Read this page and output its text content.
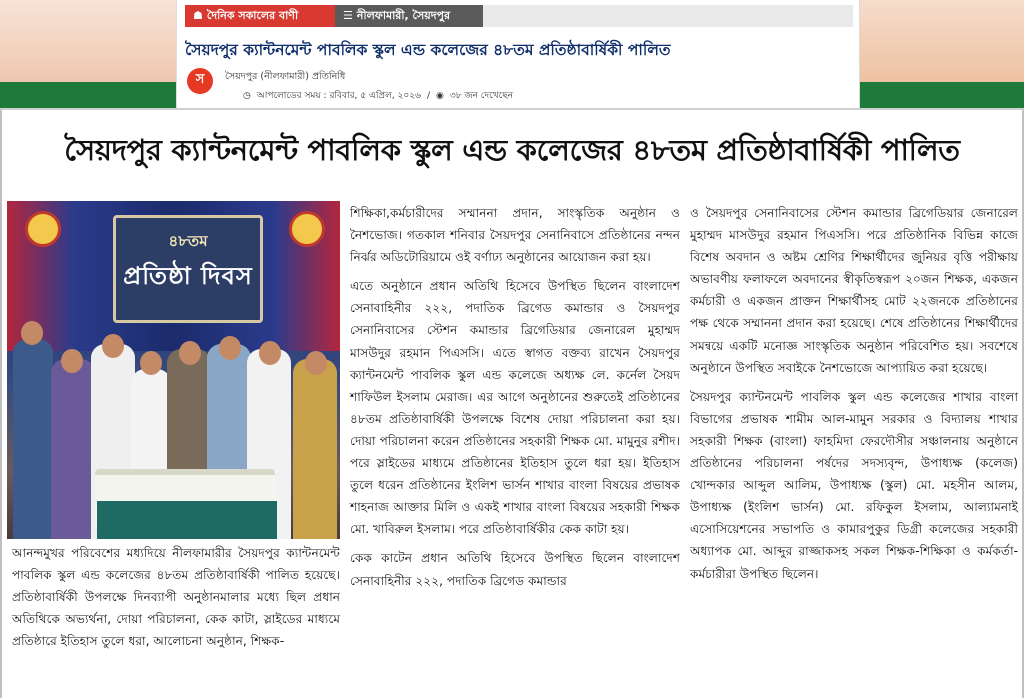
☗ দৈনিক সকালের বাণী	☰ নীলফামারী, সৈয়দপুর
সৈয়দপুর ক্যান্টনমেন্ট পাবলিক স্কুল এন্ড কলেজের ৪৮তম প্রতিষ্ঠাবার্ষিকী পালিত
স	সৈয়দপুর (নীলফামারী) প্রতিনিধি
◷ আপলোডের সময় : রবিবার, ৫ এপ্রিল, ২০২৬ / ◉ ৩৮ জন দেখেছেন
সৈয়দপুর ক্যান্টনমেন্ট পাবলিক স্কুল এন্ড কলেজের ৪৮তম প্রতিষ্ঠাবার্ষিকী পালিত
৪৮তম
প্রতিষ্ঠা দিবস
আনন্দমুখর পরিবেশের মধ্যদিয়ে নীলফামারীর সৈয়দপুর ক্যান্টনমেন্ট পাবলিক স্কুল এন্ড কলেজের ৪৮তম প্রতিষ্ঠাবার্ষিকী পালিত হয়েছে। প্রতিষ্ঠাবার্ষিকী উপলক্ষে দিনব্যাপী অনুষ্ঠানমালার মধ্যে ছিল প্রধান অতিথিকে অভ্যর্থনা, দোয়া পরিচালনা, কেক কাটা, স্লাইডের মাধ্যমে প্রতিষ্ঠারে ইতিহাস তুলে ধরা, আলোচনা অনুষ্ঠান, শিক্ষক-

শিক্ষিকা,কর্মচারীদের সম্মাননা প্রদান, সাংস্কৃতিক অনুষ্ঠান ও নৈশভোজ। গতকাল শনিবার সৈয়দপুর সেনানিবাসে প্রতিষ্ঠানের নন্দন নির্ঝর অডিটোরিয়ামে ওই বর্ণাঢ্য অনুষ্ঠানের আয়োজন করা হয়।

এতে অনুষ্ঠানে প্রধান অতিথি হিসেবে উপস্থিত ছিলেন বাংলাদেশ সেনাবাহিনীর ২২২, পদাতিক ব্রিগেড কমান্ডার ও সৈয়দপুর সেনানিবাসের স্টেশন কমান্ডার ব্রিগেডিয়ার জেনারেল মুহাম্মদ মাসউদুর রহমান পিএসসি। এতে স্বাগত বক্তব্য রাখেন সৈয়দপুর ক্যান্টনমেন্ট পাবলিক স্কুল এন্ড কলেজে অধ্যক্ষ লে. কর্নেল সৈয়দ শাফিউল ইসলাম মেরাজ। এর আগে অনুষ্ঠানের শুরুতেই প্রতিষ্ঠানের ৪৮তম প্রতিষ্ঠাবার্ষিকী উপলক্ষে বিশেষ দোয়া পরিচালনা করা হয়। দোয়া পরিচালনা করেন প্রতিষ্ঠানের সহকারী শিক্ষক মো. মামুনুর রশীদ। পরে স্লাইডের মাধ্যমে প্রতিষ্ঠানের ইতিহাস তুলে ধরা হয়। ইতিহাস তুলে ধরেন প্রতিষ্ঠানের ইংলিশ ভার্সন শাখার বাংলা বিষয়ের প্রভাষক শাহনাজ আক্তার মিলি ও একই শাখার বাংলা বিষয়ের সহকারী শিক্ষক মো. খাবিরুল ইসলাম। পরে প্রতিষ্ঠাবার্ষিকীর কেক কাটা হয়।

কেক কাটেন প্রধান অতিথি হিসেবে উপস্থিত ছিলেন বাংলাদেশ সেনাবাহিনীর ২২২, পদাতিক ব্রিগেড কমান্ডার

ও সৈয়দপুর সেনানিবাসের স্টেশন কমান্ডার ব্রিগেডিয়ার জেনারেল মুহাম্মদ মাসউদুর রহমান পিএসসি। পরে প্রতিষ্ঠানিক বিভিন্ন কাজে বিশেষ অবদান ও অষ্টম শ্রেণির শিক্ষার্থীদের জুনিয়র বৃত্তি পরীক্ষায় অভাবণীয় ফলাফলে অবদানের স্বীকৃতিস্বরূপ ২০জন শিক্ষক, একজন কর্মচারী ও একজন প্রাক্তন শিক্ষার্থীসহ মোট ২২জনকে প্রতিষ্ঠানের পক্ষ থেকে সম্মাননা প্রদান করা হয়েছে। শেষে প্রতিষ্ঠানের শিক্ষার্থীদের সমন্বয়ে একটি মনোজ্ঞ সাংস্কৃতিক অনুষ্ঠান পরিবেশিত হয়। সবশেষে অনুষ্ঠানে উপস্থিত সবাইকে নৈশভোজে আপ্যায়িত করা হয়েছে।

সৈয়দপুর ক্যান্টনমেন্ট পাবলিক স্কুল এন্ড কলেজের শাখার বাংলা বিভাগের প্রভাষক শামীম আল-মামুন সরকার ও বিদ্যালয় শাখার সহকারী শিক্ষক (বাংলা) ফাহমিদা ফেরদৌসীর সঞ্চালনায় অনুষ্ঠানে প্রতিষ্ঠানের পরিচালনা পর্ষদের সদস্যবৃন্দ, উপাধ্যক্ষ (কলেজ) খোন্দকার আব্দুল আলিম, উপাধ্যক্ষ (স্কুল) মো. মহসীন আলম, উপাধ্যক্ষ (ইংলিশ ভার্সন) মো. রফিকুল ইসলাম, আল্যামনাই এসোসিয়েশনের সভাপতি ও কামারপুকুর ডিগ্রী কলেজের সহকারী অধ্যাপক মো. আব্দুর রাজ্জাকসহ সকল শিক্ষক-শিক্ষিকা ও কর্মকর্তা-কর্মচারীরা উপস্থিত ছিলেন।
